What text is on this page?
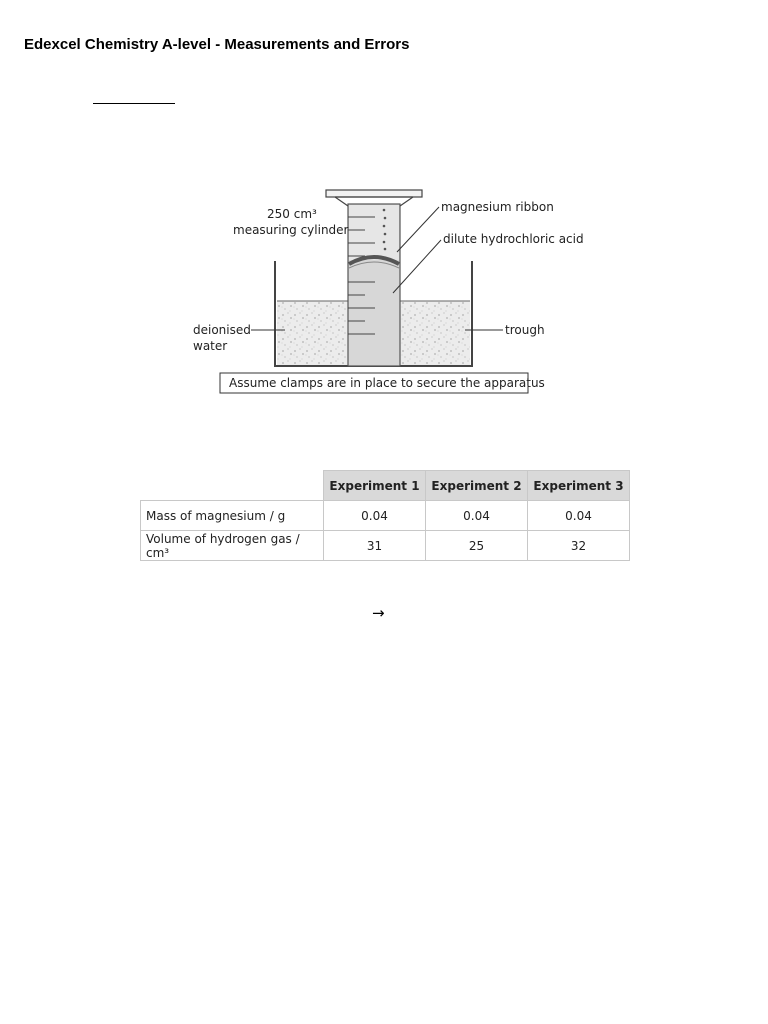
Edexcel Chemistry A-level - Measurements and Errors
250 cm³
measuring cylinder
magnesium ribbon
dilute hydrochloric acid
deionised
water
trough
Assume clamps are in place to secure the apparatus
	Experiment 1	Experiment 2	Experiment 3
Mass of magnesium / g	0.04	0.04	0.04
Volume of hydrogen gas / cm³	31	25	32
→
